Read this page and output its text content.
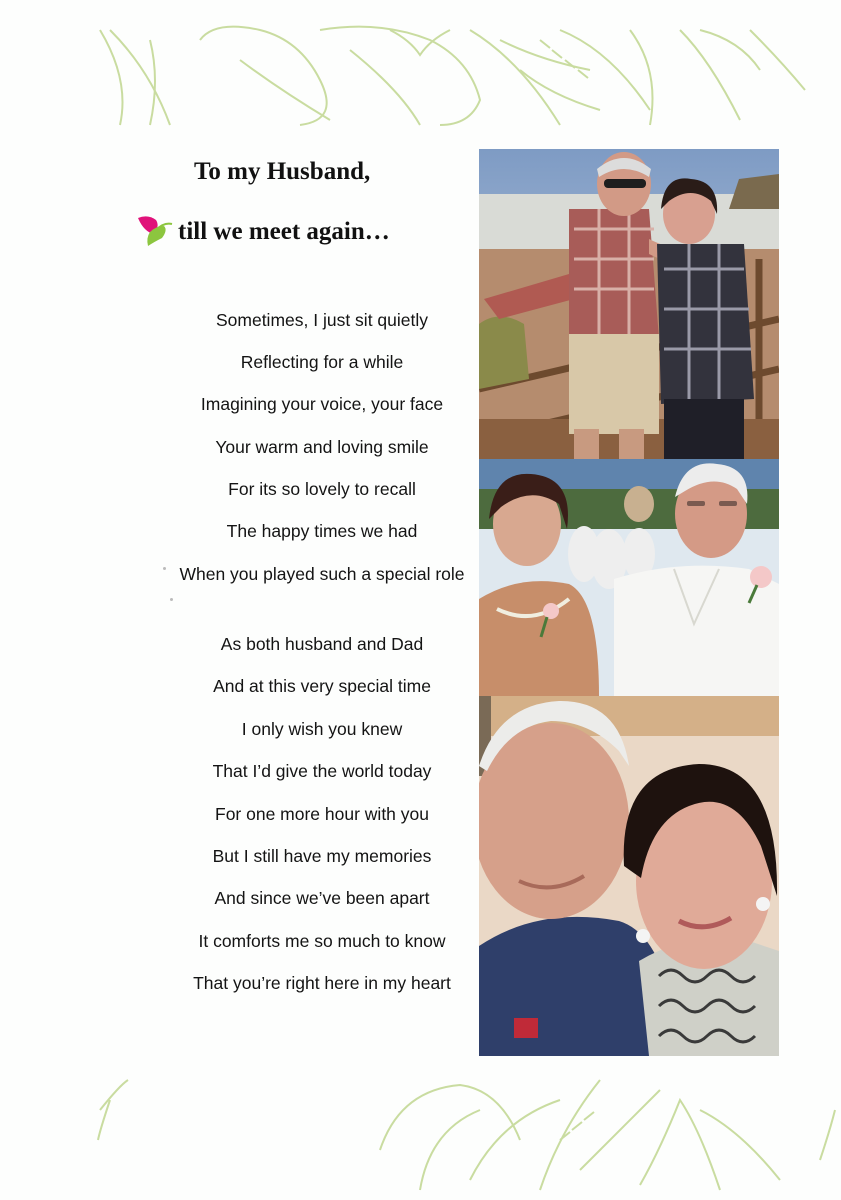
To my Husband,
till we meet again…
Sometimes, I just sit quietly
Reflecting for a while
Imagining your voice, your face
Your warm and loving smile
For its so lovely to recall
The happy times we had
When you played such a special role
As both husband and Dad
And at this very special time
I only wish you knew
That I’d give the world today
For one more hour with you
But I still have my memories
And since we’ve been apart
It comforts me so much to know
That you’re right here in my heart
